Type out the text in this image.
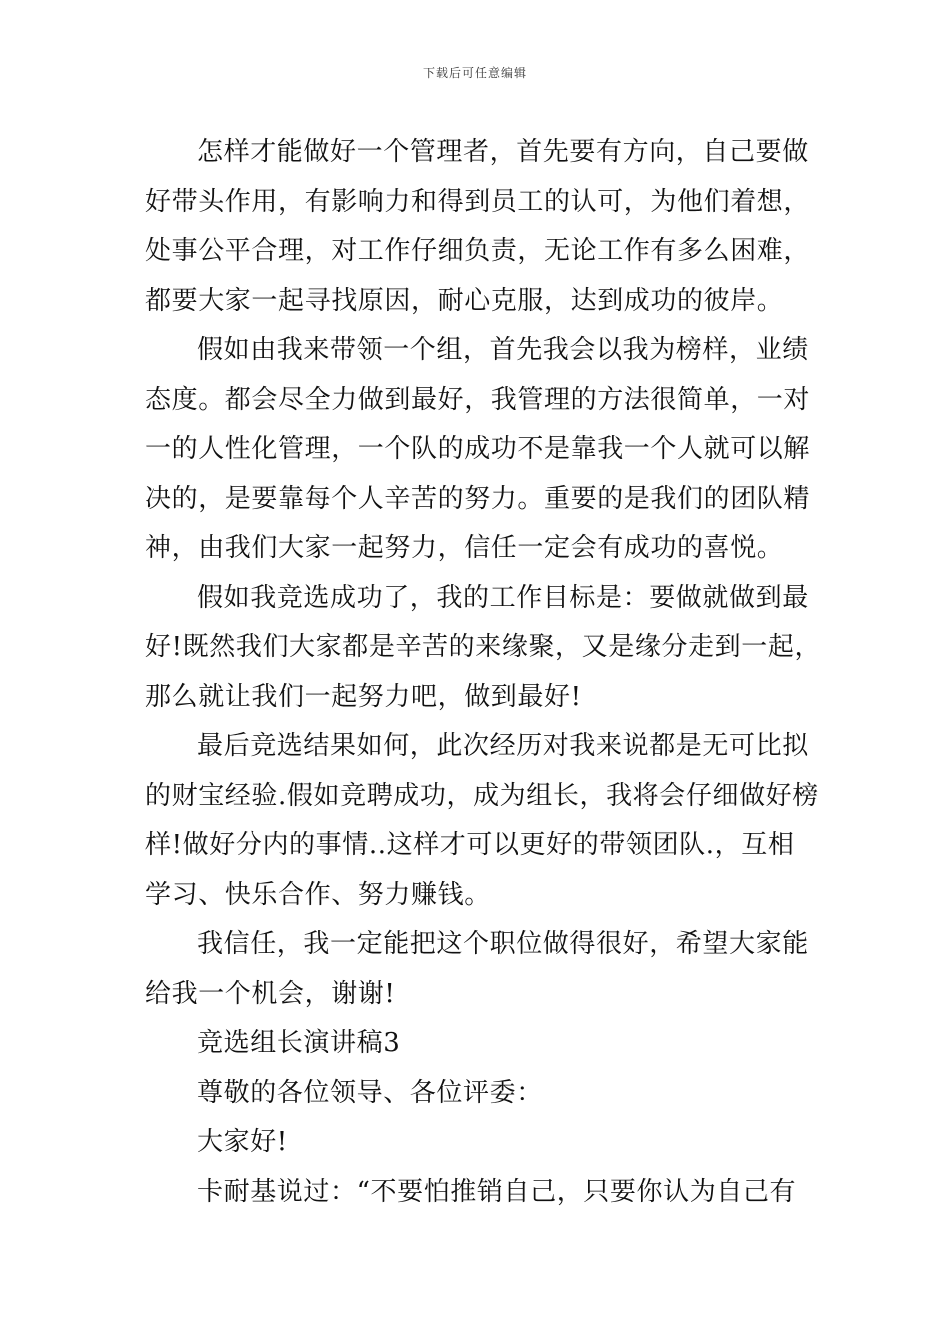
下载后可任意编辑
怎样才能做好一个管理者，首先要有方向，自己要做
好带头作用，有影响力和得到员工的认可，为他们着想，
处事公平合理，对工作仔细负责，无论工作有多么困难，
都要大家一起寻找原因，耐心克服，达到成功的彼岸。
假如由我来带领一个组，首先我会以我为榜样，业绩
态度。都会尽全力做到最好，我管理的方法很简单，一对
一的人性化管理，一个队的成功不是靠我一个人就可以解
决的，是要靠每个人辛苦的努力。重要的是我们的团队精
神，由我们大家一起努力，信任一定会有成功的喜悦。
假如我竞选成功了，我的工作目标是：要做就做到最
好!既然我们大家都是辛苦的来缘聚，又是缘分走到一起，
那么就让我们一起努力吧，做到最好!
最后竞选结果如何，此次经历对我来说都是无可比拟
的财宝经验.假如竞聘成功，成为组长，我将会仔细做好榜
样!做好分内的事情..这样才可以更好的带领团队.，互相
学习、快乐合作、努力赚钱。
我信任，我一定能把这个职位做得很好，希望大家能
给我一个机会，谢谢!
竞选组长演讲稿3
尊敬的各位领导、各位评委：
大家好!
卡耐基说过：“不要怕推销自己，只要你认为自己有
